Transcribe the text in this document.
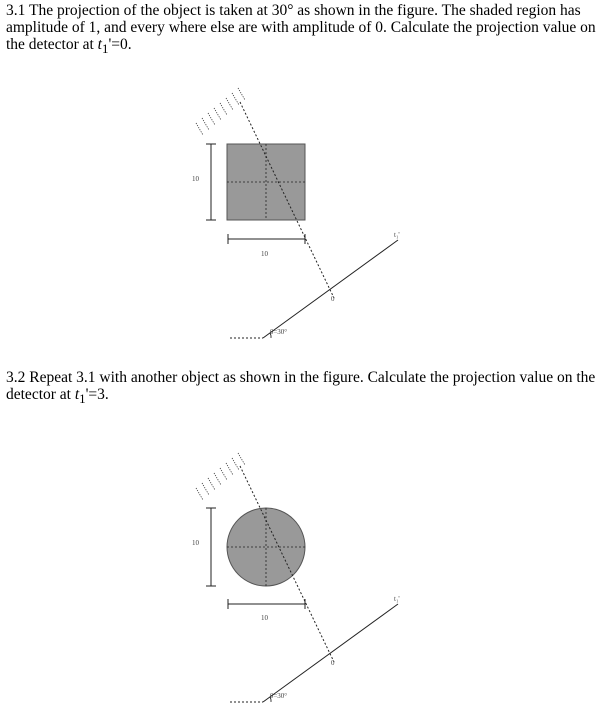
3.1 The projection of the object is taken at 30° as shown in the figure. The shaded region has amplitude of 1, and every where else are with amplitude of 0. Calculate the projection value on the detector at $t_1'=0$.

10
10
0
t₁'
θ=30°

3.2 Repeat 3.1 with another object as shown in the figure. Calculate the projection value on the detector at $t_1'=3$.

10
10
0
t₁'
θ=30°
